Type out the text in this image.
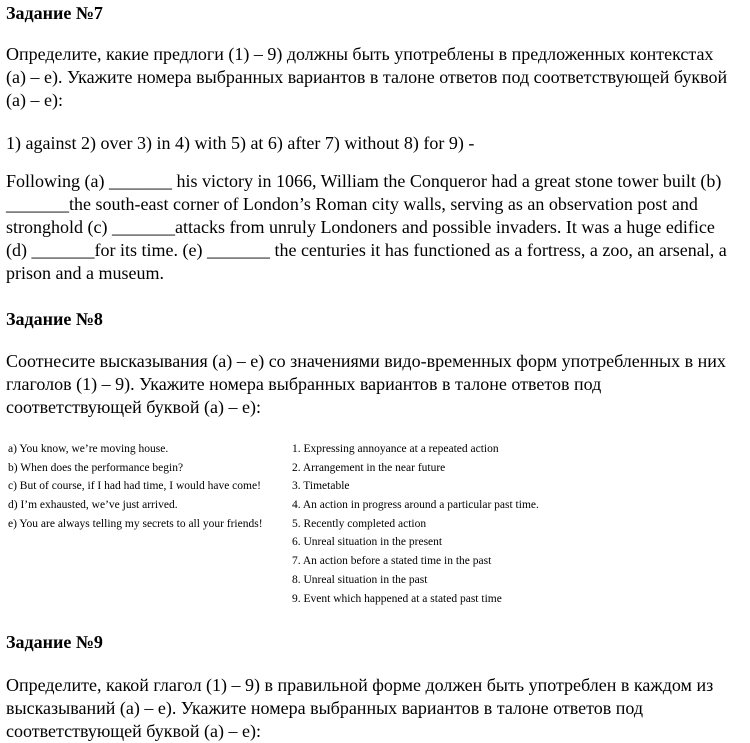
Задание №7
Определите, какие предлоги (1) – 9) должны быть употреблены в предложенных контекстах
(a) – e). Укажите номера выбранных вариантов в талоне ответов под соответствующей буквой
(a) – e):
1) against 2) over 3) in 4) with 5) at 6) after 7) without 8) for 9) -
Following (a) _______ his victory in 1066, William the Conqueror had a great stone tower built (b)
_______the south-east corner of London’s Roman city walls, serving as an observation post and
stronghold (c) _______attacks from unruly Londoners and possible invaders. It was a huge edifice
(d) _______for its time. (e) _______ the centuries it has functioned as a fortress, a zoo, an arsenal, a
prison and a museum.
Задание №8
Соотнесите высказывания (a) – e) со значениями видо-временных форм употребленных в них
глаголов (1) – 9). Укажите номера выбранных вариантов в талоне ответов под
соответствующей буквой (a) – e):
a) You know, we’re moving house.
b) When does the performance begin?
c) But of course, if I had had time, I would have come!
d) I’m exhausted, we’ve just arrived.
e) You are always telling my secrets to all your friends!
1. Expressing annoyance at a repeated action
2. Arrangement in the near future
3. Timetable
4. An action in progress around a particular past time.
5. Recently completed action
6. Unreal situation in the present
7. An action before a stated time in the past
8. Unreal situation in the past
9. Event which happened at a stated past time
Задание №9
Определите, какой глагол (1) – 9) в правильной форме должен быть употреблен в каждом из
высказываний (a) – e). Укажите номера выбранных вариантов в талоне ответов под
соответствующей буквой (a) – e):
